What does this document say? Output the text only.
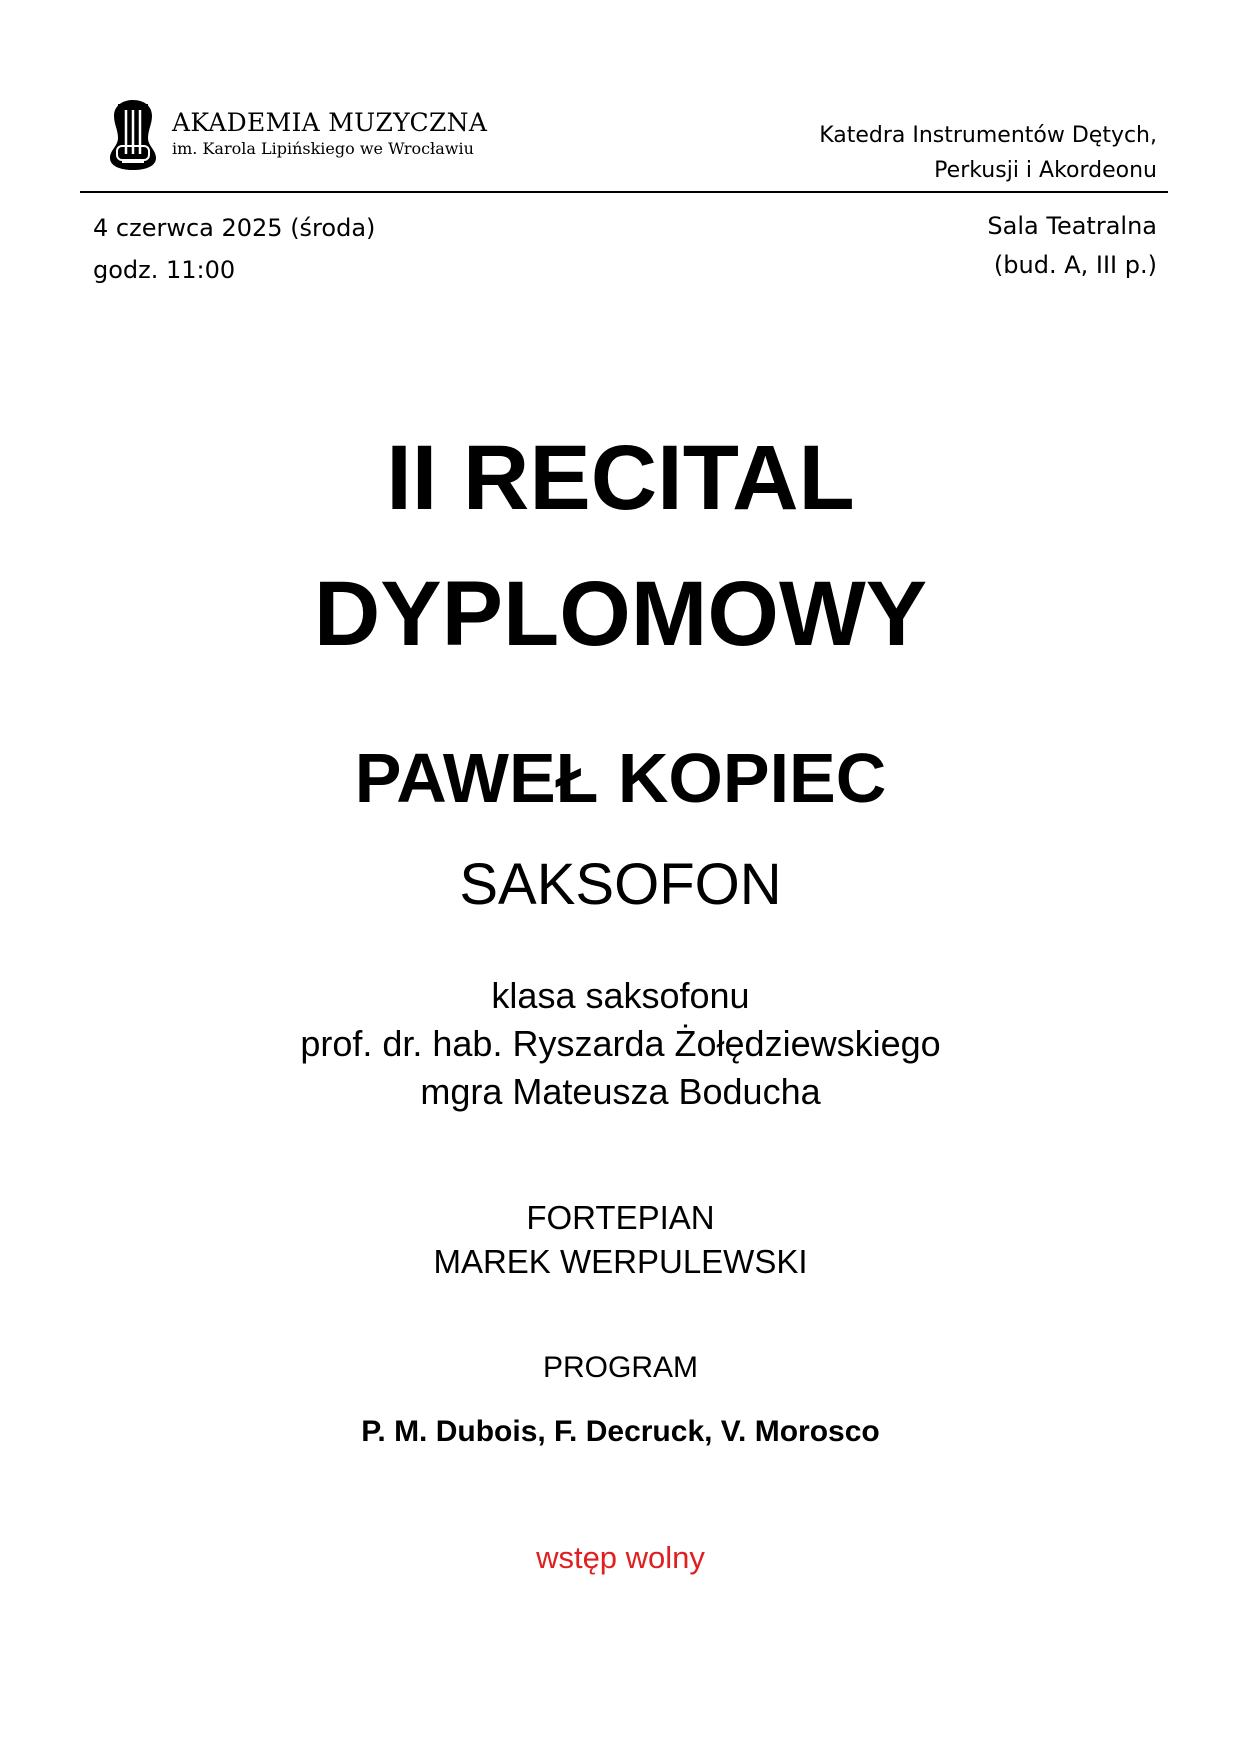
AKADEMIA MUZYCZNA
im. Karola Lipińskiego we Wrocławiu
Katedra Instrumentów Dętych,
Perkusji i Akordeonu
4 czerwca 2025 (środa)
godz. 11:00
Sala Teatralna
(bud. A, III p.)
II RECITAL
DYPLOMOWY
PAWEŁ KOPIEC
SAKSOFON
klasa saksofonu
prof. dr. hab. Ryszarda Żołędziewskiego
mgra Mateusza Boducha
FORTEPIAN
MAREK WERPULEWSKI
PROGRAM
P. M. Dubois, F. Decruck, V. Morosco
wstęp wolny
